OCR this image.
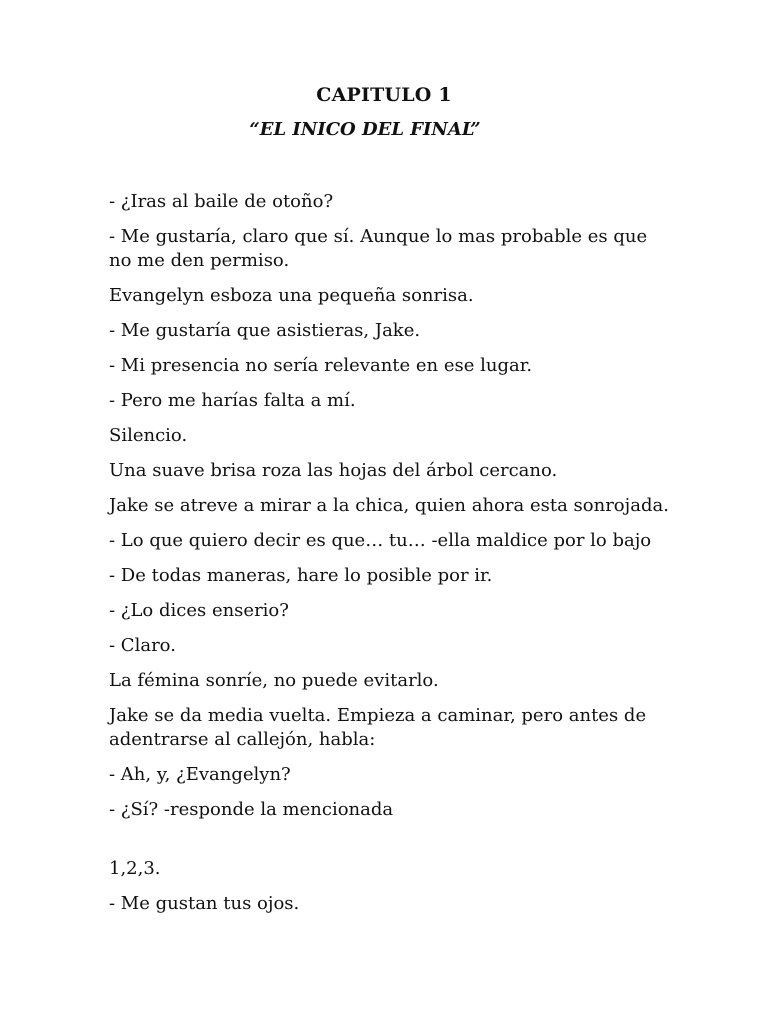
CAPITULO 1
“EL INICO DEL FINAL”

- ¿Iras al baile de otoño?

- Me gustaría, claro que sí. Aunque lo mas probable es que no me den permiso.

Evangelyn esboza una pequeña sonrisa.

- Me gustaría que asistieras, Jake.

- Mi presencia no sería relevante en ese lugar.

- Pero me harías falta a mí.

Silencio.

Una suave brisa roza las hojas del árbol cercano.

Jake se atreve a mirar a la chica, quien ahora esta sonrojada.

- Lo que quiero decir es que… tu… -ella maldice por lo bajo

- De todas maneras, hare lo posible por ir.

- ¿Lo dices enserio?

- Claro.

La fémina sonríe, no puede evitarlo.

Jake se da media vuelta. Empieza a caminar, pero antes de adentrarse al callejón, habla:

- Ah, y, ¿Evangelyn?

- ¿Sí? -responde la mencionada

1,2,3.

- Me gustan tus ojos.
